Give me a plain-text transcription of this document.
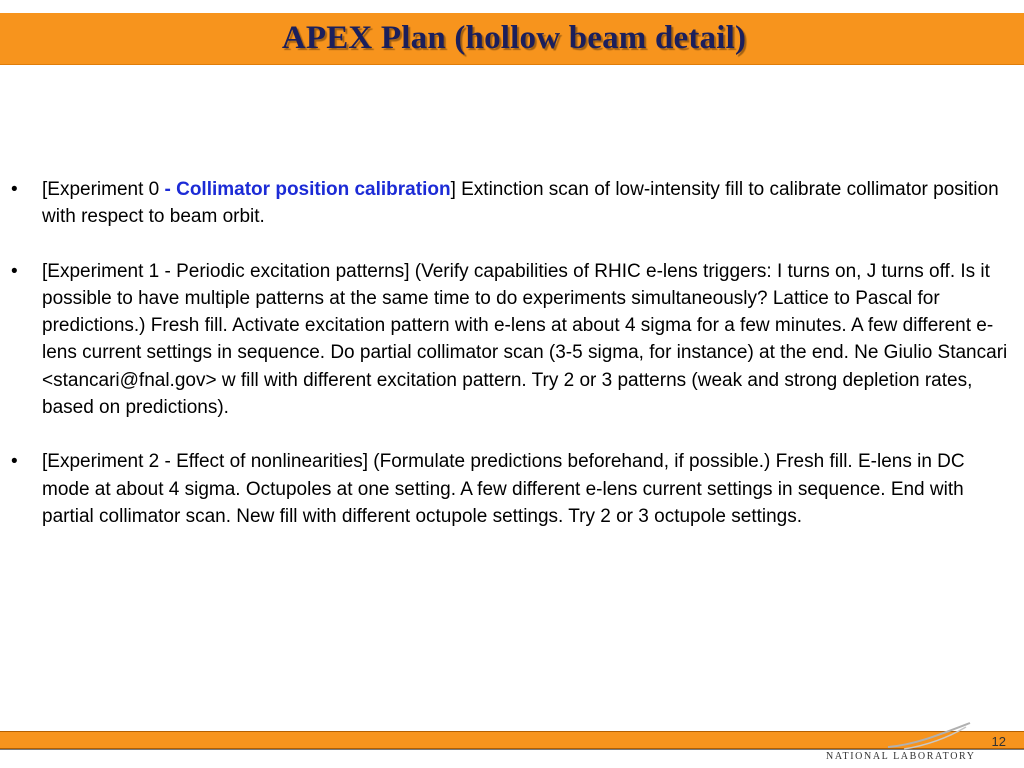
APEX Plan (hollow beam detail)
• [Experiment 0 - Collimator position calibration] Extinction scan of low-intensity fill to calibrate collimator position with respect to beam orbit.
• [Experiment 1 - Periodic excitation patterns] (Verify capabilities of RHIC e-lens triggers: I turns on, J turns off. Is it possible to have multiple patterns at the same time to do experiments simultaneously? Lattice to Pascal for predictions.) Fresh fill. Activate excitation pattern with e-lens at about 4 sigma for a few minutes. A few different e-lens current settings in sequence. Do partial collimator scan (3-5 sigma, for instance) at the end. Ne Giulio Stancari <stancari@fnal.gov> w fill with different excitation pattern. Try 2 or 3 patterns (weak and strong depletion rates, based on predictions).
• [Experiment 2 - Effect of nonlinearities] (Formulate predictions beforehand, if possible.) Fresh fill. E-lens in DC mode at about 4 sigma. Octupoles at one setting. A few different e-lens current settings in sequence. End with partial collimator scan. New fill with different octupole settings. Try 2 or 3 octupole settings.
NATIONAL LABORATORY
12
